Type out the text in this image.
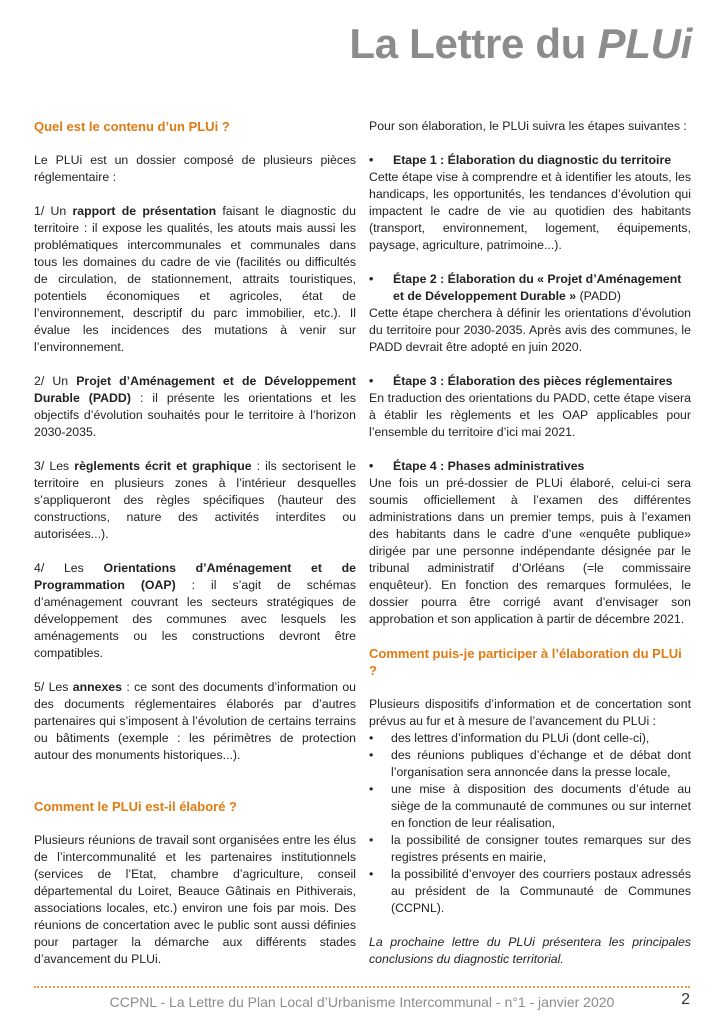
La Lettre du PLUi
Quel est le contenu d’un PLUi ?

Le PLUi est un dossier composé de plusieurs pièces réglementaire :

1/ Un rapport de présentation faisant le diagnostic du territoire : il expose les qualités, les atouts mais aussi les problématiques intercommunales et communales dans tous les domaines du cadre de vie (facilités ou difficultés de circulation, de stationnement, attraits touristiques, potentiels économiques et agricoles, état de l’environnement, descriptif du parc immobilier, etc.). Il évalue les incidences des mutations à venir sur l’environnement.

2/ Un Projet d’Aménagement et de Développement Durable (PADD) : il présente les orientations et les objectifs d’évolution souhaités pour le territoire à l’horizon 2030-2035.

3/ Les règlements écrit et graphique : ils sectorisent le territoire en plusieurs zones à l’intérieur desquelles s’appliqueront des règles spécifiques (hauteur des constructions, nature des activités interdites ou autorisées...).

4/ Les Orientations d’Aménagement et de Programmation (OAP) : il s’agit de schémas d’aménagement couvrant les secteurs stratégiques de développement des communes avec lesquels les aménagements ou les constructions devront être compatibles.

5/ Les annexes : ce sont des documents d’information ou des documents réglementaires élaborés par d’autres partenaires qui s’imposent à l’évolution de certains terrains ou bâtiments (exemple : les périmètres de protection autour des monuments historiques...).

Comment le PLUi est-il élaboré ?

Plusieurs réunions de travail sont organisées entre les élus de l’intercommunalité et les partenaires institutionnels (services de l’Etat, chambre d’agriculture, conseil départemental du Loiret, Beauce Gâtinais en Pithiverais, associations locales, etc.) environ une fois par mois. Des réunions de concertation avec le public sont aussi définies pour partager la démarche aux différents stades d’avancement du PLUi.

Pour son élaboration, le PLUi suivra les étapes suivantes :

•	Etape 1 : Élaboration du diagnostic du territoire

Cette étape vise à comprendre et à identifier les atouts, les handicaps, les opportunités, les tendances d’évolution qui impactent le cadre de vie au quotidien des habitants (transport, environnement, logement, équipements, paysage, agriculture, patrimoine...).

•	Étape 2 : Élaboration du « Projet d’Aménagement et de Développement Durable » (PADD)

Cette étape cherchera à définir les orientations d’évolution du territoire pour 2030-2035. Après avis des communes, le PADD devrait être adopté en juin 2020.

•	Étape 3 : Élaboration des pièces réglementaires

En traduction des orientations du PADD, cette étape visera à établir les règlements et les OAP applicables pour l’ensemble du territoire d’ici mai 2021.

•	Étape 4 : Phases administratives

Une fois un pré-dossier de PLUi élaboré, celui-ci sera soumis officiellement à l’examen des différentes administrations dans un premier temps, puis à l’examen des habitants dans le cadre d’une «enquête publique» dirigée par une personne indépendante désignée par le tribunal administratif d’Orléans (=le commissaire enquêteur). En fonction des remarques formulées, le dossier pourra être corrigé avant d’envisager son approbation et son application à partir de décembre 2021.

Comment puis-je participer à l’élaboration du PLUi ?

Plusieurs dispositifs d’information et de concertation sont prévus au fur et à mesure de l’avancement du PLUi :

•	des lettres d’information du PLUi (dont celle-ci),
•	des réunions publiques d’échange et de débat dont l’organisation sera annoncée dans la presse locale,
•	une mise à disposition des documents d’étude au siège de la communauté de communes ou sur internet en fonction de leur réalisation,
•	la possibilité de consigner toutes remarques sur des registres présents en mairie,
•	la possibilité d’envoyer des courriers postaux adressés au président de la Communauté de Communes (CCPNL).

La prochaine lettre du PLUi présentera les principales conclusions du diagnostic territorial.

CCPNL - La Lettre du Plan Local d’Urbanisme Intercommunal - n°1 - janvier 2020	2
